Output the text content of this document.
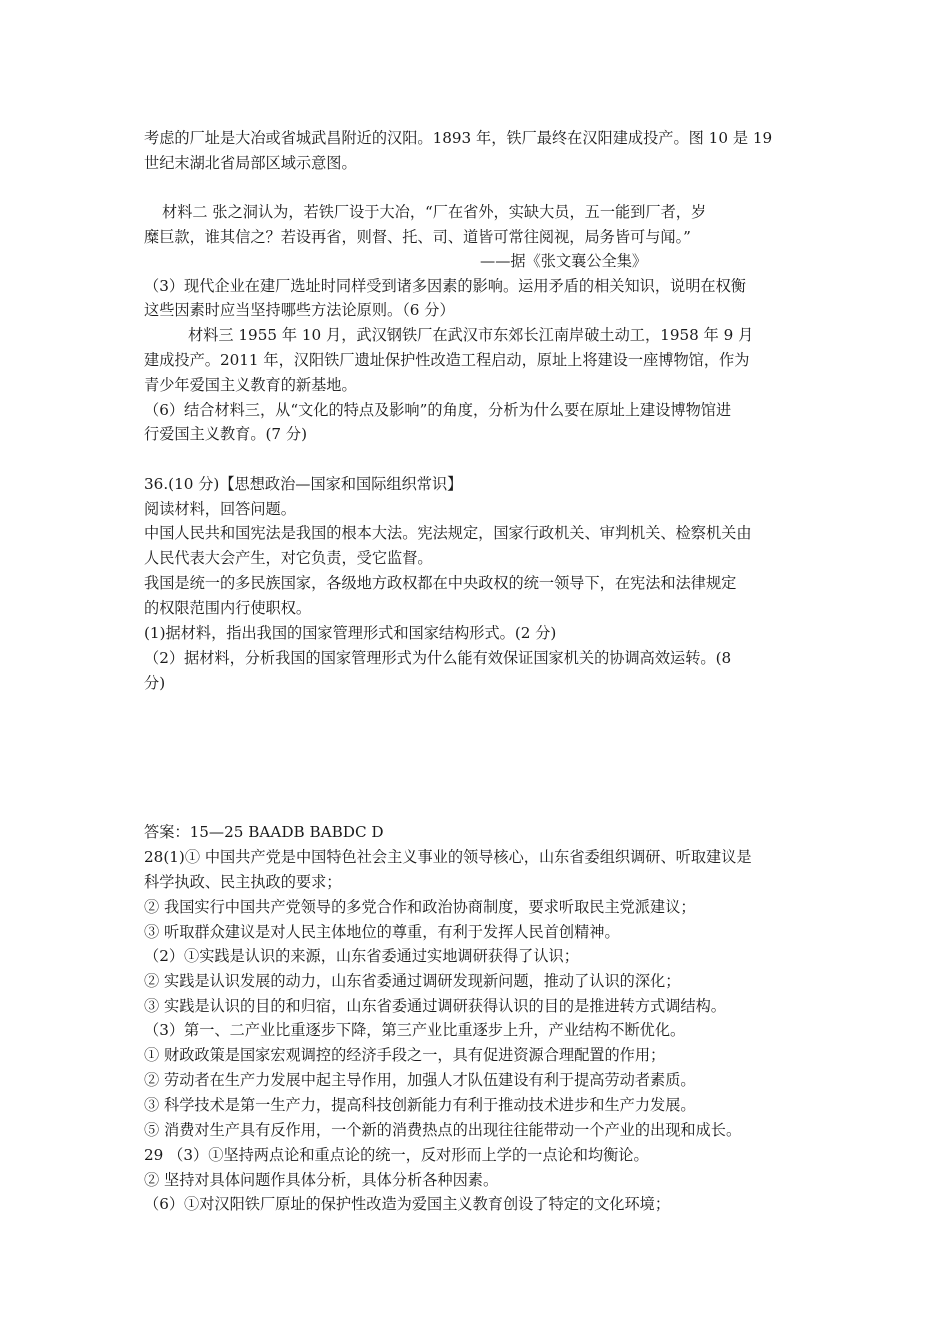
考虑的厂址是大冶或省城武昌附近的汉阳。1893 年，铁厂最终在汉阳建成投产。图 10 是 19
世纪末湖北省局部区域示意图。
材料二 张之洞认为，若铁厂设于大冶，“厂在省外，实缺大员，五一能到厂者，岁
糜巨款，谁其信之？若设再省，则督、托、司、道皆可常往阅视，局务皆可与闻。”
——据《张文襄公全集》
（3）现代企业在建厂选址时同样受到诸多因素的影响。运用矛盾的相关知识，说明在权衡
这些因素时应当坚持哪些方法论原则。（6 分）
材料三 1955 年 10 月，武汉钢铁厂在武汉市东郊长江南岸破土动工，1958 年 9 月
建成投产。2011 年，汉阳铁厂遗址保护性改造工程启动，原址上将建设一座博物馆，作为
青少年爱国主义教育的新基地。
（6）结合材料三，从“文化的特点及影响”的角度，分析为什么要在原址上建设博物馆进
行爱国主义教育。(7 分)
36.(10 分)【思想政治—国家和国际组织常识】
阅读材料，回答问题。
中国人民共和国宪法是我国的根本大法。宪法规定，国家行政机关、审判机关、检察机关由
人民代表大会产生，对它负责，受它监督。
我国是统一的多民族国家，各级地方政权都在中央政权的统一领导下，在宪法和法律规定
的权限范围内行使职权。
(1)据材料，指出我国的国家管理形式和国家结构形式。(2 分)
（2）据材料，分析我国的国家管理形式为什么能有效保证国家机关的协调高效运转。(8
分)
答案：15—25 BAADB BABDC D
28(1)① 中国共产党是中国特色社会主义事业的领导核心，山东省委组织调研、听取建议是
科学执政、民主执政的要求；
② 我国实行中国共产党领导的多党合作和政治协商制度，要求听取民主党派建议；
③ 听取群众建议是对人民主体地位的尊重，有利于发挥人民首创精神。
（2）①实践是认识的来源，山东省委通过实地调研获得了认识；
② 实践是认识发展的动力，山东省委通过调研发现新问题，推动了认识的深化；
③ 实践是认识的目的和归宿，山东省委通过调研获得认识的目的是推进转方式调结构。
（3）第一、二产业比重逐步下降，第三产业比重逐步上升，产业结构不断优化。
① 财政政策是国家宏观调控的经济手段之一，具有促进资源合理配置的作用；
② 劳动者在生产力发展中起主导作用，加强人才队伍建设有利于提高劳动者素质。
③ 科学技术是第一生产力，提高科技创新能力有利于推动技术进步和生产力发展。
⑤ 消费对生产具有反作用，一个新的消费热点的出现往往能带动一个产业的出现和成长。
29 （3）①坚持两点论和重点论的统一，反对形而上学的一点论和均衡论。
② 坚持对具体问题作具体分析，具体分析各种因素。
（6）①对汉阳铁厂原址的保护性改造为爱国主义教育创设了特定的文化环境；
